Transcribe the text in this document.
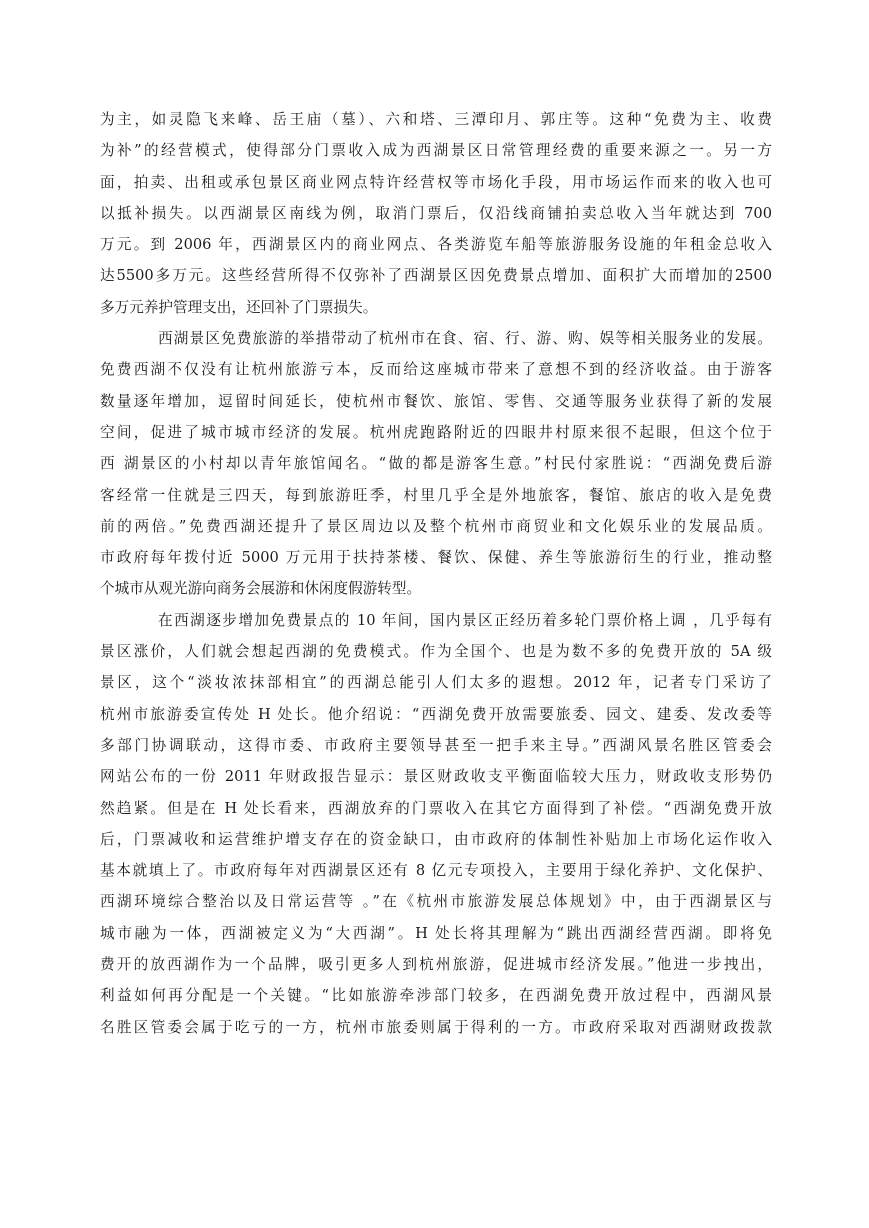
为主，如灵隐飞来峰、岳王庙（墓）、六和塔、三潭印月、郭庄等。这种“免费为主、收费
为补”的经营模式，使得部分门票收入成为西湖景区日常管理经费的重要来源之一。另一方
面，拍卖、出租或承包景区商业网点特许经营权等市场化手段，用市场运作而来的收入也可
以抵补损失。以西湖景区南线为例，取消门票后，仅沿线商铺拍卖总收入当年就达到 700
万元。到 2006 年，西湖景区内的商业网点、各类游览车船等旅游服务设施的年租金总收入
达5500多万元。这些经营所得不仅弥补了西湖景区因免费景点增加、面积扩大而增加的2500
多万元养护管理支出，还回补了门票损失。
西湖景区免费旅游的举措带动了杭州市在食、宿、行、游、购、娱等相关服务业的发展。
免费西湖不仅没有让杭州旅游亏本，反而给这座城市带来了意想不到的经济收益。由于游客
数量逐年增加，逗留时间延长，使杭州市餐饮、旅馆、零售、交通等服务业获得了新的发展
空间，促进了城市城市经济的发展。杭州虎跑路附近的四眼井村原来很不起眼，但这个位于
西 湖景区的小村却以青年旅馆闻名。“做的都是游客生意。”村民付家胜说：“西湖免费后游
客经常一住就是三四天，每到旅游旺季，村里几乎全是外地旅客，餐馆、旅店的收入是免费
前的两倍。”免费西湖还提升了景区周边以及整个杭州市商贸业和文化娱乐业的发展品质。
市政府每年拨付近 5000 万元用于扶持茶楼、餐饮、保健、养生等旅游衍生的行业，推动整
个城市从观光游向商务会展游和休闲度假游转型。
在西湖逐步增加免费景点的 10 年间，国内景区正经历着多轮门票价格上调 ，几乎每有
景区涨价，人们就会想起西湖的免费模式。作为全国个、也是为数不多的免费开放的 5A 级
景区，这个“淡妆浓抹部相宜”的西湖总能引人们太多的遐想。2012 年，记者专门采访了
杭州市旅游委宣传处 H 处长。他介绍说：“西湖免费开放需要旅委、园文、建委、发改委等
多部门协调联动，这得市委、市政府主要领导甚至一把手来主导。”西湖风景名胜区管委会
网站公布的一份 2011 年财政报告显示：景区财政收支平衡面临较大压力，财政收支形势仍
然趋紧。但是在 H 处长看来，西湖放弃的门票收入在其它方面得到了补偿。“西湖免费开放
后，门票减收和运营维护增支存在的资金缺口，由市政府的体制性补贴加上市场化运作收入
基本就填上了。市政府每年对西湖景区还有 8 亿元专项投入，主要用于绿化养护、文化保护、
西湖环境综合整治以及日常运营等 。”在《杭州市旅游发展总体规划》中，由于西湖景区与
城市融为一体，西湖被定义为“大西湖”。H 处长将其理解为“跳出西湖经营西湖。即将免
费开的放西湖作为一个品牌，吸引更多人到杭州旅游，促进城市经济发展。”他进一步拽出，
利益如何再分配是一个关键。“比如旅游牵涉部门较多，在西湖免费开放过程中，西湖风景
名胜区管委会属于吃亏的一方，杭州市旅委则属于得利的一方。市政府采取对西湖财政拨款
